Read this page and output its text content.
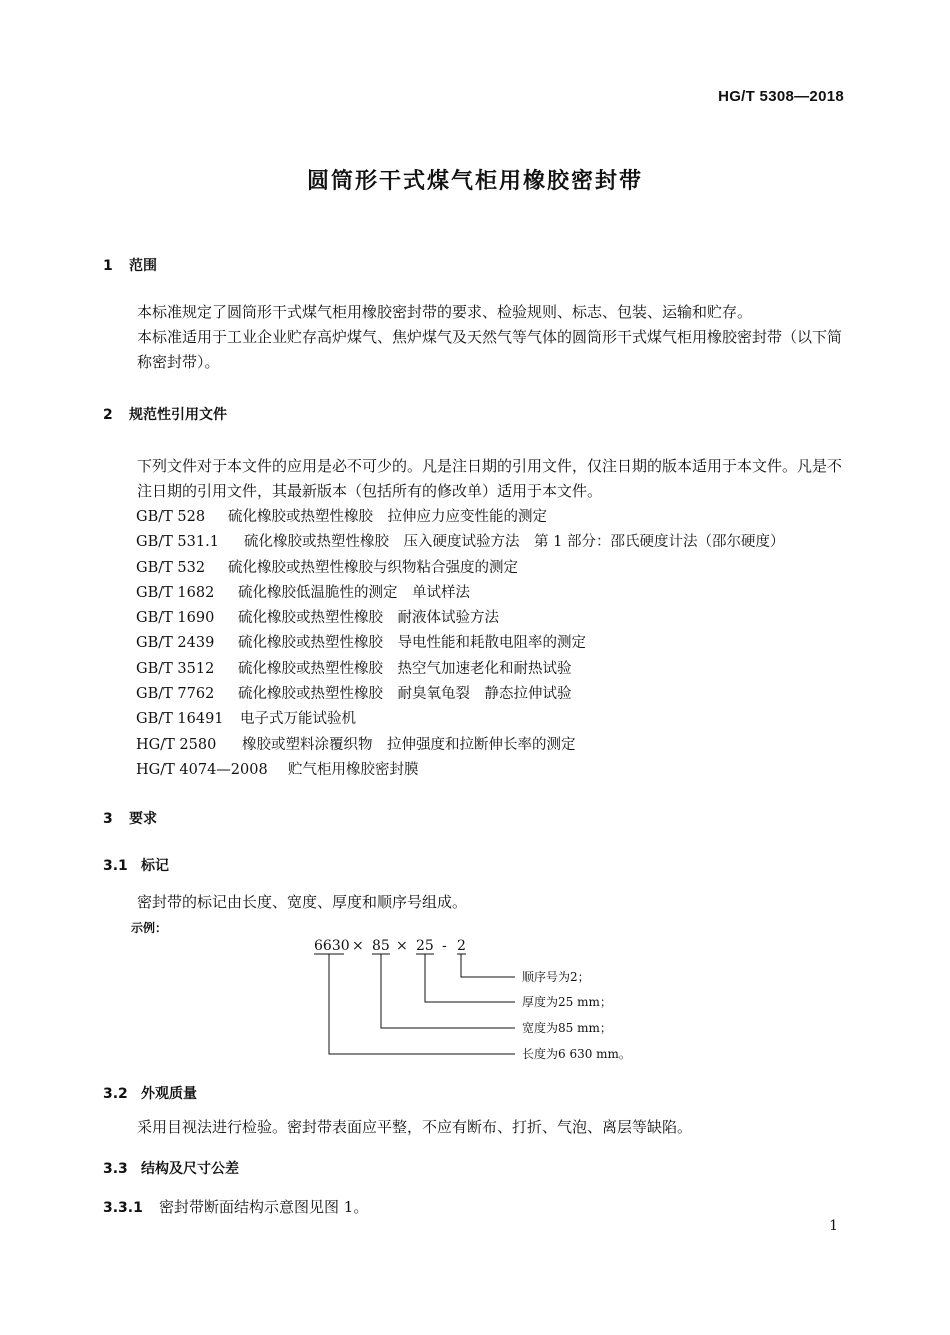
HG/T 5308—2018
圆筒形干式煤气柜用橡胶密封带
1 范围
本标准规定了圆筒形干式煤气柜用橡胶密封带的要求、检验规则、标志、包装、运输和贮存。
本标准适用于工业企业贮存高炉煤气、焦炉煤气及天然气等气体的圆筒形干式煤气柜用橡胶密封带（以下简称密封带）。
2 规范性引用文件
下列文件对于本文件的应用是必不可少的。凡是注日期的引用文件，仅注日期的版本适用于本文件。凡是不注日期的引用文件，其最新版本（包括所有的修改单）适用于本文件。
GB/T 528 硫化橡胶或热塑性橡胶　拉伸应力应变性能的测定
GB/T 531.1 硫化橡胶或热塑性橡胶　压入硬度试验方法　第 1 部分：邵氏硬度计法（邵尔硬度）
GB/T 532 硫化橡胶或热塑性橡胶与织物粘合强度的测定
GB/T 1682 硫化橡胶低温脆性的测定　单试样法
GB/T 1690 硫化橡胶或热塑性橡胶　耐液体试验方法
GB/T 2439 硫化橡胶或热塑性橡胶　导电性能和耗散电阻率的测定
GB/T 3512 硫化橡胶或热塑性橡胶　热空气加速老化和耐热试验
GB/T 7762 硫化橡胶或热塑性橡胶　耐臭氧龟裂　静态拉伸试验
GB/T 16491 电子式万能试验机
HG/T 2580 橡胶或塑料涂覆织物　拉伸强度和拉断伸长率的测定
HG/T 4074—2008 贮气柜用橡胶密封膜
3 要求
3.1 标记
密封带的标记由长度、宽度、厚度和顺序号组成。
示例：
6630 × 85 × 25 - 2
顺序号为2；
厚度为25 mm；
宽度为85 mm；
长度为6 630 mm。
3.2 外观质量
采用目视法进行检验。密封带表面应平整，不应有断布、打折、气泡、离层等缺陷。
3.3 结构及尺寸公差
3.3.1 密封带断面结构示意图见图 1。
1
